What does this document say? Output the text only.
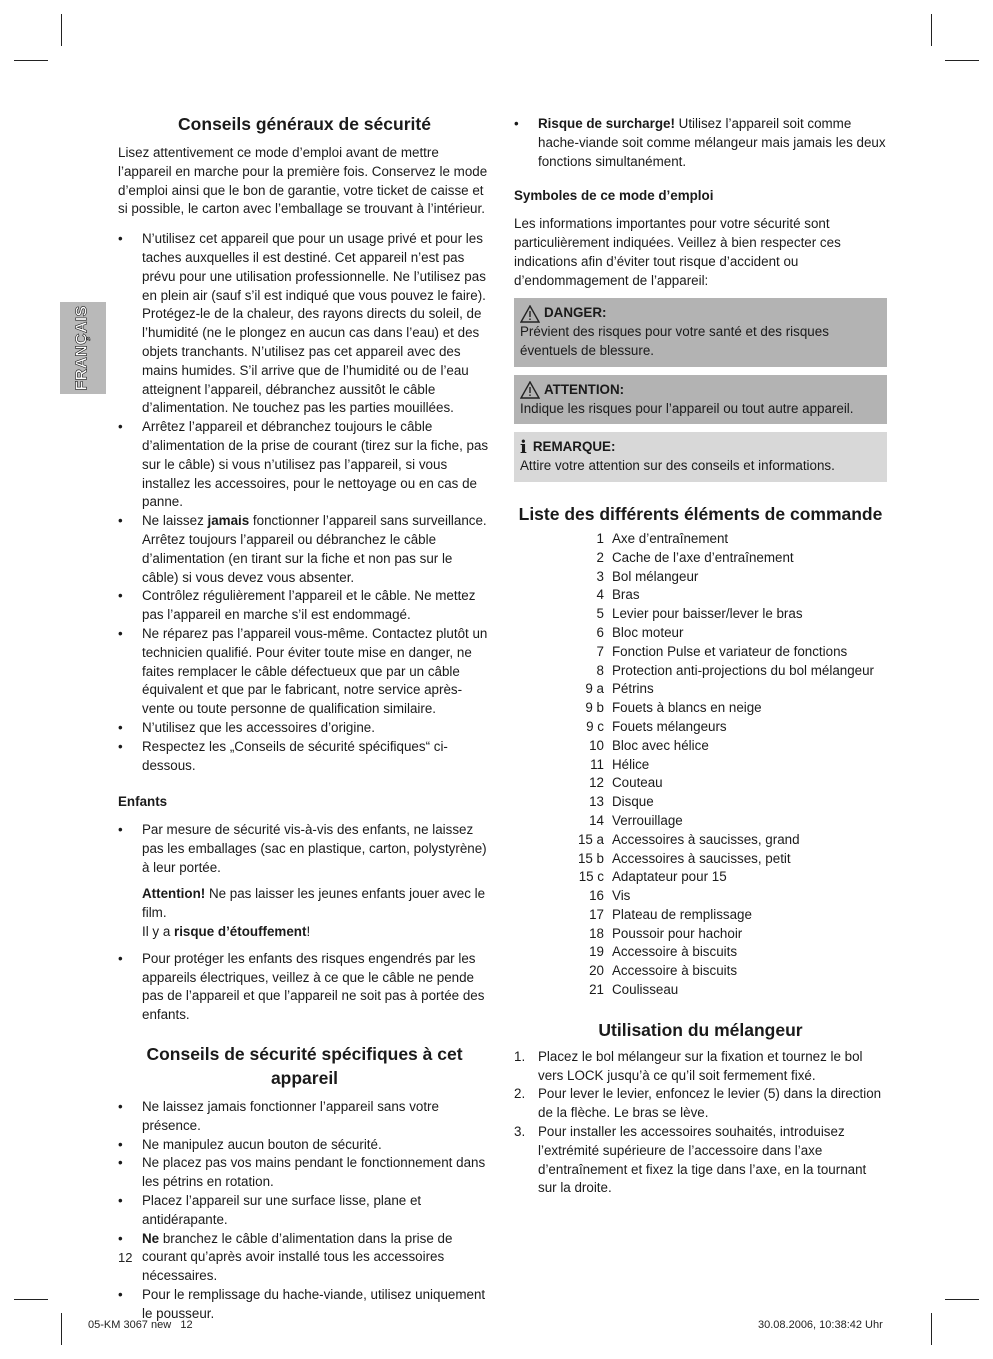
FRANÇAIS
Conseils généraux de sécurité

Lisez attentivement ce mode d’emploi avant de mettre l’appareil en marche pour la première fois. Conservez le mode d’emploi ainsi que le bon de garantie, votre ticket de caisse et si possible, le carton avec l’emballage se trouvant à l’intérieur.

• N’utilisez cet appareil que pour un usage privé et pour les taches auxquelles il est destiné. Cet appareil n’est pas prévu pour une utilisation professionnelle. Ne l’utilisez pas en plein air (sauf s’il est indiqué que vous pouvez le faire). Protégez-le de la chaleur, des rayons directs du soleil, de l’humidité (ne le plongez en aucun cas dans l’eau) et des objets tranchants. N’utilisez pas cet appareil avec des mains humides. S’il arrive que de l’humidité ou de l’eau atteignent l’appareil, débranchez aussitôt le câble d’alimentation. Ne touchez pas les parties mouillées.
• Arrêtez l’appareil et débranchez toujours le câble d’alimentation de la prise de courant (tirez sur la fiche, pas sur le câble) si vous n’utilisez pas l’appareil, si vous installez les accessoires, pour le nettoyage ou en cas de panne.
• Ne laissez jamais fonctionner l’appareil sans surveillance. Arrêtez toujours l’appareil ou débranchez le câble d’alimentation (en tirant sur la fiche et non pas sur le câble) si vous devez vous absenter.
• Contrôlez régulièrement l’appareil et le câble. Ne mettez pas l’appareil en marche s’il est endommagé.
• Ne réparez pas l’appareil vous-même. Contactez plutôt un technicien qualifié. Pour éviter toute mise en danger, ne faites remplacer le câble défectueux que par un câble équivalent et que par le fabricant, notre service après-vente ou toute personne de qualification similaire.
• N’utilisez que les accessoires d’origine.
• Respectez les „Conseils de sécurité spécifiques“ ci-dessous.
Enfants
• Par mesure de sécurité vis-à-vis des enfants, ne laissez pas les emballages (sac en plastique, carton, polystyrène) à leur portée.

Attention! Ne pas laisser les jeunes enfants jouer avec le film.

Il y a risque d’étouffement!

• Pour protéger les enfants des risques engendrés par les appareils électriques, veillez à ce que le câble ne pende pas de l’appareil et que l’appareil ne soit pas à portée des enfants.
Conseils de sécurité spécifiques à cet appareil
• Ne laissez jamais fonctionner l’appareil sans votre présence.
• Ne manipulez aucun bouton de sécurité.
• Ne placez pas vos mains pendant le fonctionnement dans les pétrins en rotation.
• Placez l’appareil sur une surface lisse, plane et antidérapante.
• Ne branchez le câble d’alimentation dans la prise de courant qu’après avoir installé tous les accessoires nécessaires.
• Pour le remplissage du hache-viande, utilisez uniquement le pousseur.
• Risque de surcharge! Utilisez l’appareil soit comme hache-viande soit comme mélangeur mais jamais les deux fonctions simultanément.
Symboles de ce mode d’emploi

Les informations importantes pour votre sécurité sont particulièrement indiquées. Veillez à bien respecter ces indications afin d’éviter tout risque d’accident ou d’endommagement de l’appareil:

DANGER:

Prévient des risques pour votre santé et des risques éventuels de blessure.

ATTENTION:

Indique les risques pour l’appareil ou tout autre appareil.

i REMARQUE:

Attire votre attention sur des conseils et informations.

Liste des différents éléments de commande
1 Axe d’entraînement
2 Cache de l’axe d’entraînement
3 Bol mélangeur
4 Bras
5 Levier pour baisser/lever le bras
6 Bloc moteur
7 Fonction Pulse et variateur de fonctions
8 Protection anti-projections du bol mélangeur
9 a Pétrins
9 b Fouets à blancs en neige
9 c Fouets mélangeurs
10 Bloc avec hélice
11 Hélice
12 Couteau
13 Disque
14 Verrouillage
15 a Accessoires à saucisses, grand
15 b Accessoires à saucisses, petit
15 c Adaptateur pour 15
16 Vis
17 Plateau de remplissage
18 Poussoir pour hachoir
19 Accessoire à biscuits
20 Accessoire à biscuits
21 Coulisseau
Utilisation du mélangeur
1. Placez le bol mélangeur sur la fixation et tournez le bol vers LOCK jusqu’à ce qu’il soit fermement fixé.
2. Pour lever le levier, enfoncez le levier (5) dans la direction de la flèche. Le bras se lève.
3. Pour installer les accessoires souhaités, introduisez l’extrémité supérieure de l’accessoire dans l’axe d’entraînement et fixez la tige dans l’axe, en la tournant sur la droite.
12
05-KM 3067 new   12	30.08.2006, 10:38:42 Uhr
